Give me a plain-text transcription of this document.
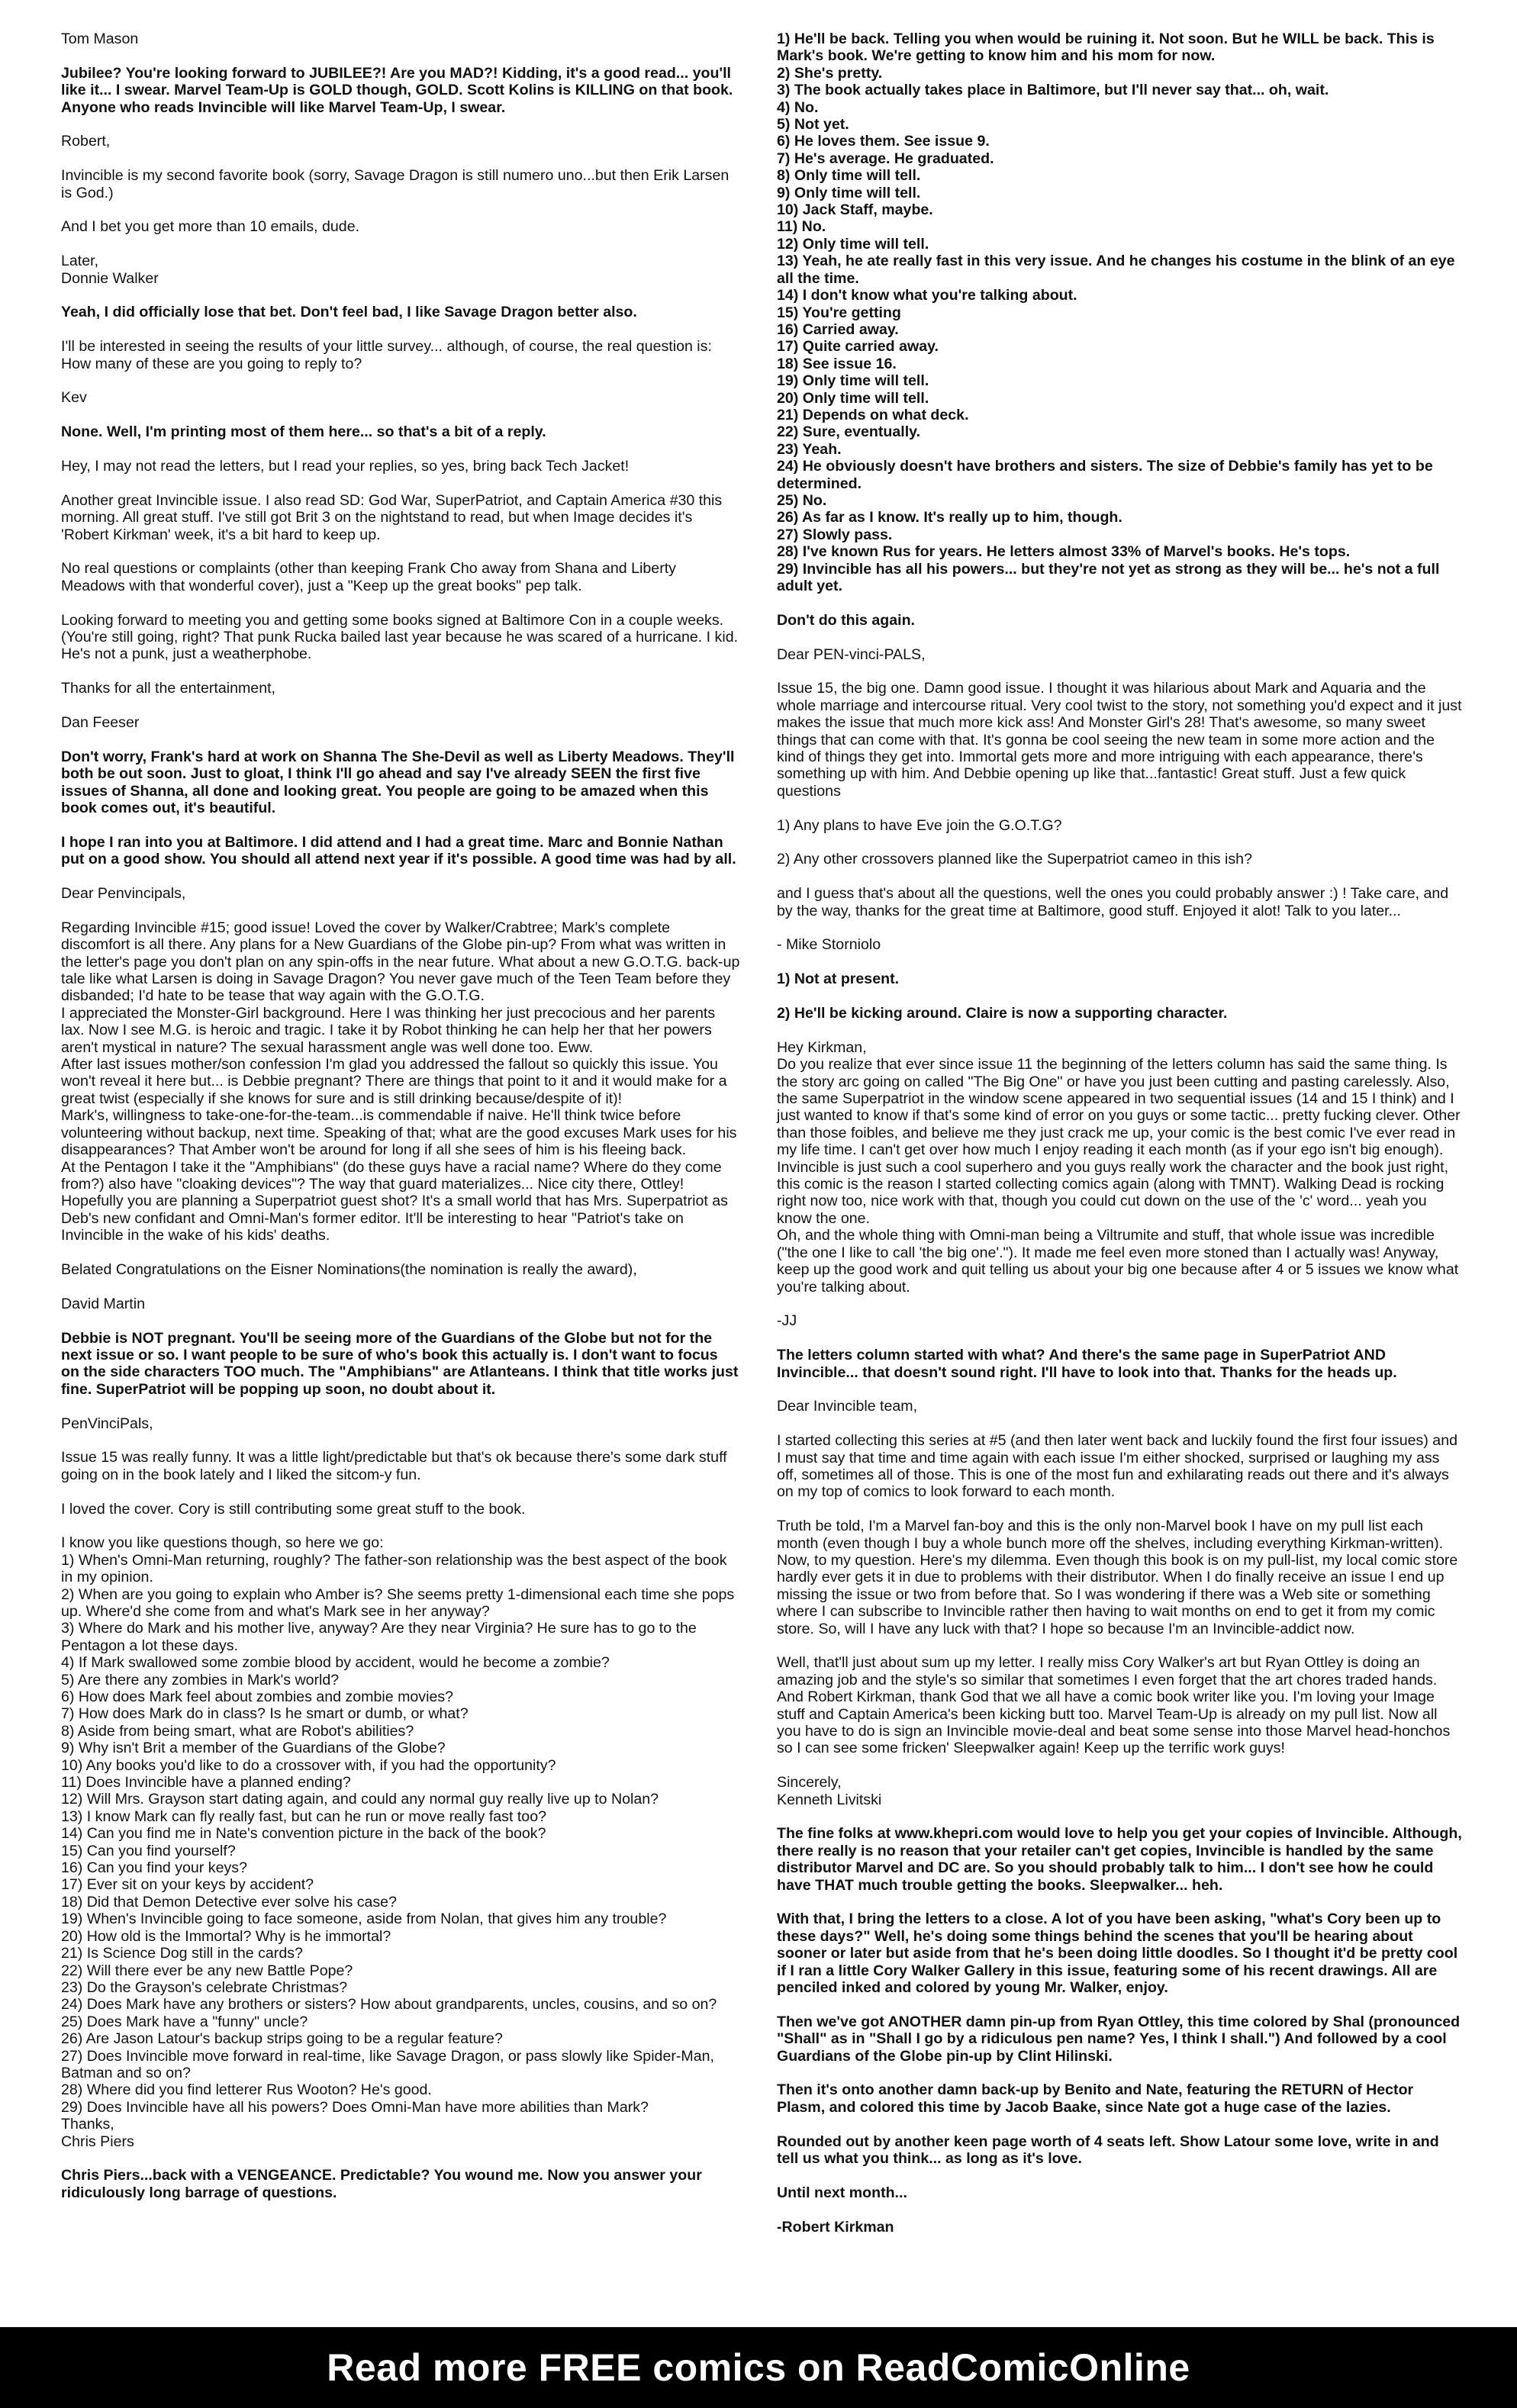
Tom Mason

Jubilee? You're looking forward to JUBILEE?! Are you MAD?! Kidding, it's a good read... you'll like it... I swear. Marvel Team-Up is GOLD though, GOLD. Scott Kolins is KILLING on that book. Anyone who reads Invincible will like Marvel Team-Up, I swear.

Robert,

Invincible is my second favorite book (sorry, Savage Dragon is still numero uno...but then Erik Larsen is God.)

And I bet you get more than 10 emails, dude.

Later,
Donnie Walker

Yeah, I did officially lose that bet. Don't feel bad, I like Savage Dragon better also.

I'll be interested in seeing the results of your little survey... although, of course, the real question is: How many of these are you going to reply to?

Kev

None. Well, I'm printing most of them here... so that's a bit of a reply.

Hey, I may not read the letters, but I read your replies, so yes, bring back Tech Jacket!

Another great Invincible issue. I also read SD: God War, SuperPatriot, and Captain America #30 this morning. All great stuff. I've still got Brit 3 on the nightstand to read, but when Image decides it's 'Robert Kirkman' week, it's a bit hard to keep up.

No real questions or complaints (other than keeping Frank Cho away from Shana and Liberty Meadows with that wonderful cover), just a "Keep up the great books" pep talk.

Looking forward to meeting you and getting some books signed at Baltimore Con in a couple weeks. (You're still going, right? That punk Rucka bailed last year because he was scared of a hurricane. I kid. He's not a punk, just a weatherphobe.

Thanks for all the entertainment,

Dan Feeser

Don't worry, Frank's hard at work on Shanna The She-Devil as well as Liberty Meadows. They'll both be out soon. Just to gloat, I think I'll go ahead and say I've already SEEN the first five issues of Shanna, all done and looking great. You people are going to be amazed when this book comes out, it's beautiful.

I hope I ran into you at Baltimore. I did attend and I had a great time. Marc and Bonnie Nathan put on a good show. You should all attend next year if it's possible. A good time was had by all.

Dear Penvincipals,

Regarding Invincible #15; good issue! Loved the cover by Walker/Crabtree; Mark's complete discomfort is all there. Any plans for a New Guardians of the Globe pin-up? From what was written in the letter's page you don't plan on any spin-offs in the near future. What about a new G.O.T.G. back-up tale like what Larsen is doing in Savage Dragon? You never gave much of the Teen Team before they disbanded; I'd hate to be tease that way again with the G.O.T.G.
I appreciated the Monster-Girl background. Here I was thinking her just precocious and her parents lax. Now I see M.G. is heroic and tragic. I take it by Robot thinking he can help her that her powers aren't mystical in nature? The sexual harassment angle was well done too. Eww.
After last issues mother/son confession I'm glad you addressed the fallout so quickly this issue. You won't reveal it here but... is Debbie pregnant? There are things that point to it and it would make for a great twist (especially if she knows for sure and is still drinking because/despite of it)!
Mark's, willingness to take-one-for-the-team...is commendable if naive. He'll think twice before volunteering without backup, next time. Speaking of that; what are the good excuses Mark uses for his disappearances? That Amber won't be around for long if all she sees of him is his fleeing back.
At the Pentagon I take it the "Amphibians" (do these guys have a racial name? Where do they come from?) also have "cloaking devices"? The way that guard materializes... Nice city there, Ottley!
Hopefully you are planning a Superpatriot guest shot? It's a small world that has Mrs. Superpatriot as Deb's new confidant and Omni-Man's former editor. It'll be interesting to hear "Patriot's take on Invincible in the wake of his kids' deaths.

Belated Congratulations on the Eisner Nominations(the nomination is really the award),

David Martin

Debbie is NOT pregnant. You'll be seeing more of the Guardians of the Globe but not for the next issue or so. I want people to be sure of who's book this actually is. I don't want to focus on the side characters TOO much. The "Amphibians" are Atlanteans. I think that title works just fine. SuperPatriot will be popping up soon, no doubt about it.

PenVinciPals,

Issue 15 was really funny. It was a little light/predictable but that's ok because there's some dark stuff going on in the book lately and I liked the sitcom-y fun.

I loved the cover. Cory is still contributing some great stuff to the book.

I know you like questions though, so here we go:
1) When's Omni-Man returning, roughly? The father-son relationship was the best aspect of the book in my opinion.
2) When are you going to explain who Amber is? She seems pretty 1-dimensional each time she pops up. Where'd she come from and what's Mark see in her anyway?
3) Where do Mark and his mother live, anyway? Are they near Virginia? He sure has to go to the Pentagon a lot these days.
4) If Mark swallowed some zombie blood by accident, would he become a zombie?
5) Are there any zombies in Mark's world?
6) How does Mark feel about zombies and zombie movies?
7) How does Mark do in class? Is he smart or dumb, or what?
8) Aside from being smart, what are Robot's abilities?
9) Why isn't Brit a member of the Guardians of the Globe?
10) Any books you'd like to do a crossover with, if you had the opportunity?
11) Does Invincible have a planned ending?
12) Will Mrs. Grayson start dating again, and could any normal guy really live up to Nolan?
13) I know Mark can fly really fast, but can he run or move really fast too?
14) Can you find me in Nate's convention picture in the back of the book?
15) Can you find yourself?
16) Can you find your keys?
17) Ever sit on your keys by accident?
18) Did that Demon Detective ever solve his case?
19) When's Invincible going to face someone, aside from Nolan, that gives him any trouble?
20) How old is the Immortal? Why is he immortal?
21) Is Science Dog still in the cards?
22) Will there ever be any new Battle Pope?
23) Do the Grayson's celebrate Christmas?
24) Does Mark have any brothers or sisters? How about grandparents, uncles, cousins, and so on?
25) Does Mark have a "funny" uncle?
26) Are Jason Latour's backup strips going to be a regular feature?
27) Does Invincible move forward in real-time, like Savage Dragon, or pass slowly like Spider-Man, Batman and so on?
28) Where did you find letterer Rus Wooton? He's good.
29) Does Invincible have all his powers? Does Omni-Man have more abilities than Mark?
Thanks,
Chris Piers

Chris Piers...back with a VENGEANCE. Predictable? You wound me. Now you answer your ridiculously long barrage of questions.

1) He'll be back. Telling you when would be ruining it. Not soon. But he WILL be back. This is Mark's book. We're getting to know him and his mom for now.
2) She's pretty.
3) The book actually takes place in Baltimore, but I'll never say that... oh, wait.
4) No.
5) Not yet.
6) He loves them. See issue 9.
7) He's average. He graduated.
8) Only time will tell.
9) Only time will tell.
10) Jack Staff, maybe.
11) No.
12) Only time will tell.
13) Yeah, he ate really fast in this very issue. And he changes his costume in the blink of an eye all the time.
14) I don't know what you're talking about.
15) You're getting
16) Carried away.
17) Quite carried away.
18) See issue 16.
19) Only time will tell.
20) Only time will tell.
21) Depends on what deck.
22) Sure, eventually.
23) Yeah.
24) He obviously doesn't have brothers and sisters. The size of Debbie's family has yet to be determined.
25) No.
26) As far as I know. It's really up to him, though.
27) Slowly pass.
28) I've known Rus for years. He letters almost 33% of Marvel's books. He's tops.
29) Invincible has all his powers... but they're not yet as strong as they will be... he's not a full adult yet.

Don't do this again.

Dear PEN-vinci-PALS,

Issue 15, the big one. Damn good issue. I thought it was hilarious about Mark and Aquaria and the whole marriage and intercourse ritual. Very cool twist to the story, not something you'd expect and it just makes the issue that much more kick ass! And Monster Girl's 28! That's awesome, so many sweet things that can come with that. It's gonna be cool seeing the new team in some more action and the kind of things they get into. Immortal gets more and more intriguing with each appearance, there's something up with him. And Debbie opening up like that...fantastic! Great stuff. Just a few quick questions

1) Any plans to have Eve join the G.O.T.G?

2) Any other crossovers planned like the Superpatriot cameo in this ish?

and I guess that's about all the questions, well the ones you could probably answer :) ! Take care, and by the way, thanks for the great time at Baltimore, good stuff. Enjoyed it alot! Talk to you later...

- Mike Storniolo

1) Not at present.

2) He'll be kicking around. Claire is now a supporting character.

Hey Kirkman,
Do you realize that ever since issue 11 the beginning of the letters column has said the same thing. Is the story arc going on called "The Big One" or have you just been cutting and pasting carelessly. Also, the same Superpatriot in the window scene appeared in two sequential issues (14 and 15 I think) and I just wanted to know if that's some kind of error on you guys or some tactic... pretty fucking clever. Other than those foibles, and believe me they just crack me up, your comic is the best comic I've ever read in my life time. I can't get over how much I enjoy reading it each month (as if your ego isn't big enough). Invincible is just such a cool superhero and you guys really work the character and the book just right, this comic is the reason I started collecting comics again (along with TMNT). Walking Dead is rocking right now too, nice work with that, though you could cut down on the use of the 'c' word... yeah you know the one.
Oh, and the whole thing with Omni-man being a Viltrumite and stuff, that whole issue was incredible ("the one I like to call 'the big one'."). It made me feel even more stoned than I actually was! Anyway, keep up the good work and quit telling us about your big one because after 4 or 5 issues we know what you're talking about.

-JJ

The letters column started with what? And there's the same page in SuperPatriot AND Invincible... that doesn't sound right. I'll have to look into that. Thanks for the heads up.

Dear Invincible team,

I started collecting this series at #5 (and then later went back and luckily found the first four issues) and I must say that time and time again with each issue I'm either shocked, surprised or laughing my ass off, sometimes all of those. This is one of the most fun and exhilarating reads out there and it's always on my top of comics to look forward to each month.

Truth be told, I'm a Marvel fan-boy and this is the only non-Marvel book I have on my pull list each month (even though I buy a whole bunch more off the shelves, including everything Kirkman-written). Now, to my question. Here's my dilemma. Even though this book is on my pull-list, my local comic store hardly ever gets it in due to problems with their distributor. When I do finally receive an issue I end up missing the issue or two from before that. So I was wondering if there was a Web site or something where I can subscribe to Invincible rather then having to wait months on end to get it from my comic store. So, will I have any luck with that? I hope so because I'm an Invincible-addict now.

Well, that'll just about sum up my letter. I really miss Cory Walker's art but Ryan Ottley is doing an amazing job and the style's so similar that sometimes I even forget that the art chores traded hands. And Robert Kirkman, thank God that we all have a comic book writer like you. I'm loving your Image stuff and Captain America's been kicking butt too. Marvel Team-Up is already on my pull list. Now all you have to do is sign an Invincible movie-deal and beat some sense into those Marvel head-honchos so I can see some fricken' Sleepwalker again! Keep up the terrific work guys!

Sincerely,
Kenneth Livitski

The fine folks at www.khepri.com would love to help you get your copies of Invincible. Although, there really is no reason that your retailer can't get copies, Invincible is handled by the same distributor Marvel and DC are. So you should probably talk to him... I don't see how he could have THAT much trouble getting the books. Sleepwalker... heh.

With that, I bring the letters to a close. A lot of you have been asking, "what's Cory been up to these days?" Well, he's doing some things behind the scenes that you'll be hearing about sooner or later but aside from that he's been doing little doodles. So I thought it'd be pretty cool if I ran a little Cory Walker Gallery in this issue, featuring some of his recent drawings. All are penciled inked and colored by young Mr. Walker, enjoy.

Then we've got ANOTHER damn pin-up from Ryan Ottley, this time colored by Shal (pronounced "Shall" as in "Shall I go by a ridiculous pen name? Yes, I think I shall.") And followed by a cool Guardians of the Globe pin-up by Clint Hilinski.

Then it's onto another damn back-up by Benito and Nate, featuring the RETURN of Hector Plasm, and colored this time by Jacob Baake, since Nate got a huge case of the lazies.

Rounded out by another keen page worth of 4 seats left. Show Latour some love, write in and tell us what you think... as long as it's love.

Until next month...

-Robert Kirkman

Read more FREE comics on ReadComicOnline
